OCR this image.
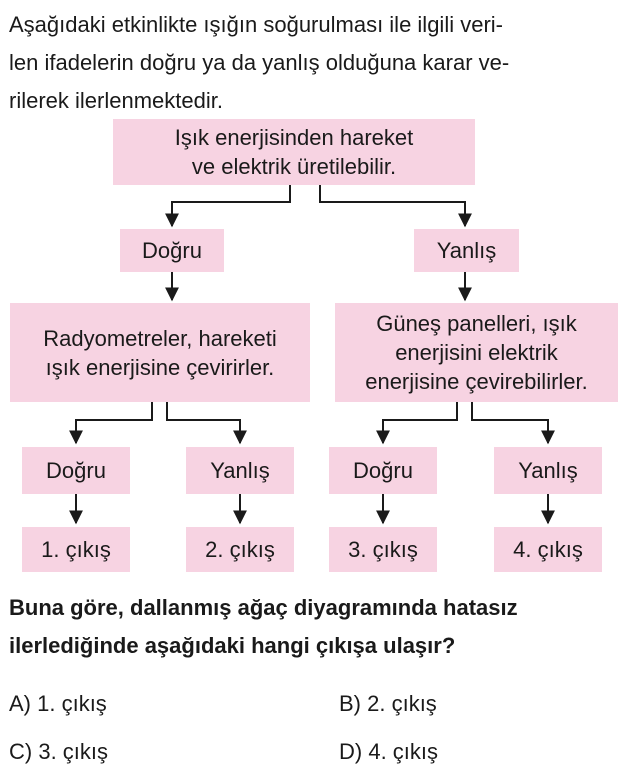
Aşağıdaki etkinlikte ışığın soğurulması ile ilgili veri-
len ifadelerin doğru ya da yanlış olduğuna karar ve-
rilerek ilerlenmektedir.
Işık enerjisinden hareket
ve elektrik üretilebilir.
Doğru	Yanlış
Radyometreler, hareketi
ışık enerjisine çevirirler.
Güneş panelleri, ışık
enerjisini elektrik
enerjisine çevirebilirler.
Doğru	Yanlış	Doğru	Yanlış
1. çıkış	2. çıkış	3. çıkış	4. çıkış
Buna göre, dallanmış ağaç diyagramında hatasız
ilerlediğinde aşağıdaki hangi çıkışa ulaşır?
A) 1. çıkış	B) 2. çıkış
C) 3. çıkış	D) 4. çıkış
